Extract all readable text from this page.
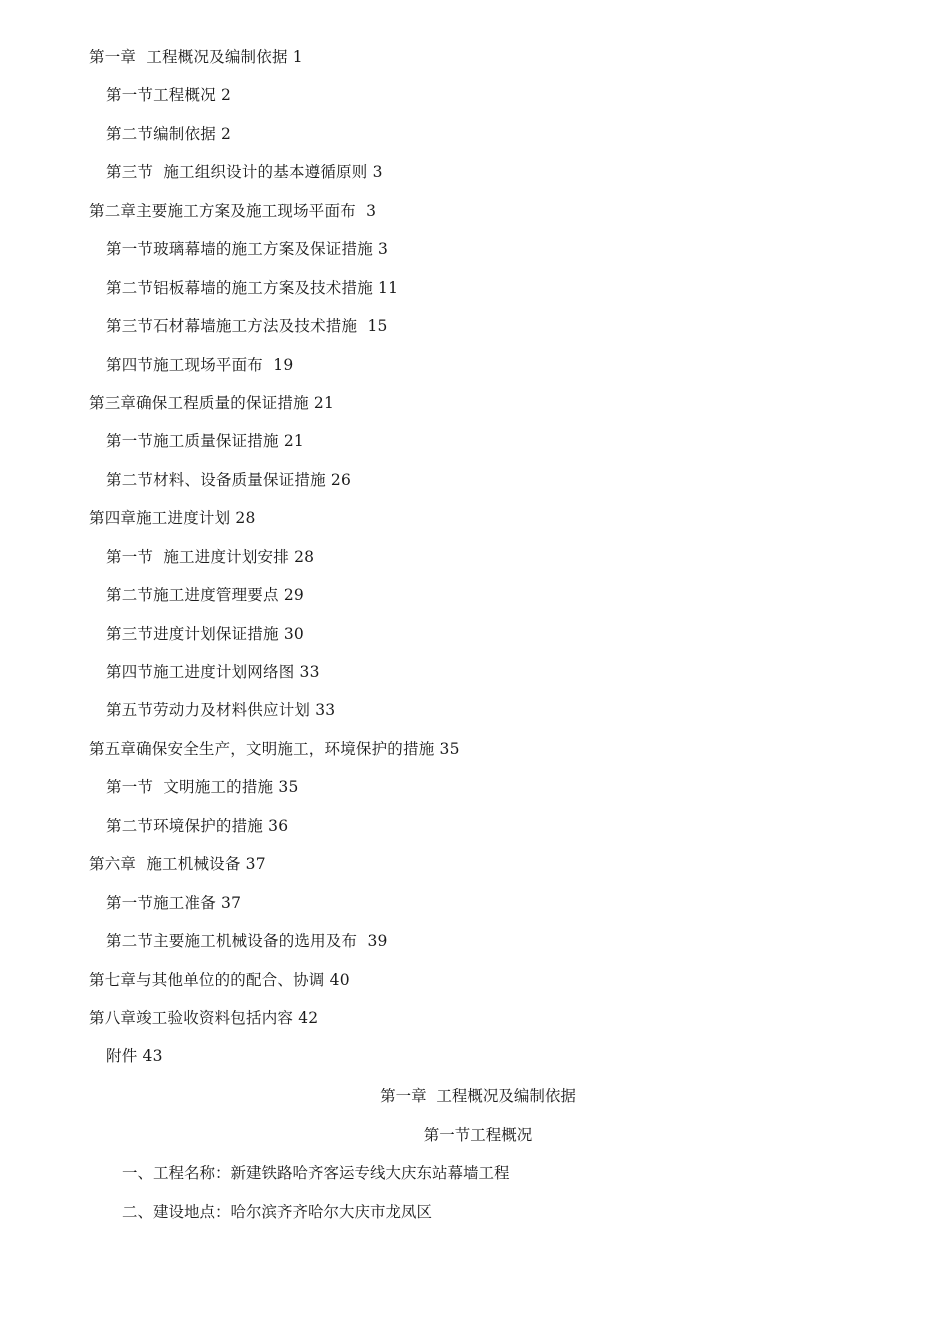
第一章  工程概况及编制依据 1
第一节工程概况 2
第二节编制依据 2
第三节  施工组织设计的基本遵循原则 3
第二章主要施工方案及施工现场平面布  3
第一节玻璃幕墙的施工方案及保证措施 3
第二节铝板幕墙的施工方案及技术措施 11
第三节石材幕墙施工方法及技术措施  15
第四节施工现场平面布  19
第三章确保工程质量的保证措施 21
第一节施工质量保证措施 21
第二节材料、设备质量保证措施 26
第四章施工进度计划 28
第一节  施工进度计划安排 28
第二节施工进度管理要点 29
第三节进度计划保证措施 30
第四节施工进度计划网络图 33
第五节劳动力及材料供应计划 33
第五章确保安全生产，文明施工，环境保护的措施 35
第一节  文明施工的措施 35
第二节环境保护的措施 36
第六章  施工机械设备 37
第一节施工准备 37
第二节主要施工机械设备的选用及布  39
第七章与其他单位的的配合、协调 40
第八章竣工验收资料包括内容 42
附件 43
第一章  工程概况及编制依据
第一节工程概况
一、工程名称：新建铁路哈齐客运专线大庆东站幕墙工程
二、建设地点：哈尔滨齐齐哈尔大庆市龙凤区
